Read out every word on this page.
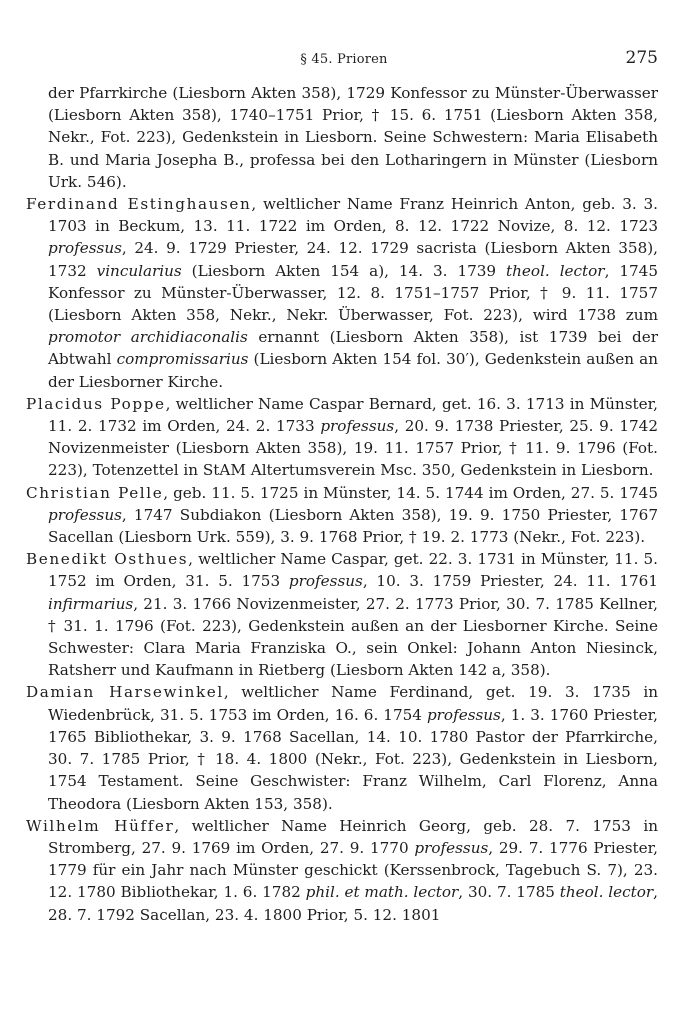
§ 45. Prioren	275

der Pfarrkirche (Liesborn Akten 358), 1729 Konfessor zu Münster-Überwasser (Liesborn Akten 358), 1740–1751 Prior, † 15. 6. 1751 (Liesborn Akten 358, Nekr., Fot. 223), Gedenkstein in Liesborn. Seine Schwestern: Maria Elisabeth B. und Maria Josepha B., professa bei den Lotharingern in Münster (Liesborn Urk. 546).

Ferdinand Estinghausen, weltlicher Name Franz Heinrich Anton, geb. 3. 3. 1703 in Beckum, 13. 11. 1722 im Orden, 8. 12. 1722 Novize, 8. 12. 1723 professus, 24. 9. 1729 Priester, 24. 12. 1729 sacrista (Liesborn Akten 358), 1732 vincularius (Liesborn Akten 154 a), 14. 3. 1739 theol. lector, 1745 Konfessor zu Münster-Überwasser, 12. 8. 1751–1757 Prior, † 9. 11. 1757 (Liesborn Akten 358, Nekr., Nekr. Überwasser, Fot. 223), wird 1738 zum promotor archidiaconalis ernannt (Liesborn Akten 358), ist 1739 bei der Abtwahl compromissarius (Liesborn Akten 154 fol. 30′), Gedenkstein außen an der Liesborner Kirche.

Placidus Poppe, weltlicher Name Caspar Bernard, get. 16. 3. 1713 in Münster, 11. 2. 1732 im Orden, 24. 2. 1733 professus, 20. 9. 1738 Priester, 25. 9. 1742 Novizenmeister (Liesborn Akten 358), 19. 11. 1757 Prior, † 11. 9. 1796 (Fot. 223), Totenzettel in StAM Altertumsverein Msc. 350, Gedenkstein in Liesborn.

Christian Pelle, geb. 11. 5. 1725 in Münster, 14. 5. 1744 im Orden, 27. 5. 1745 professus, 1747 Subdiakon (Liesborn Akten 358), 19. 9. 1750 Priester, 1767 Sacellan (Liesborn Urk. 559), 3. 9. 1768 Prior, † 19. 2. 1773 (Nekr., Fot. 223).

Benedikt Osthues, weltlicher Name Caspar, get. 22. 3. 1731 in Münster, 11. 5. 1752 im Orden, 31. 5. 1753 professus, 10. 3. 1759 Priester, 24. 11. 1761 infirmarius, 21. 3. 1766 Novizenmeister, 27. 2. 1773 Prior, 30. 7. 1785 Kellner, † 31. 1. 1796 (Fot. 223), Gedenkstein außen an der Liesborner Kirche. Seine Schwester: Clara Maria Franziska O., sein Onkel: Johann Anton Niesinck, Ratsherr und Kaufmann in Rietberg (Liesborn Akten 142 a, 358).

Damian Harsewinkel, weltlicher Name Ferdinand, get. 19. 3. 1735 in Wiedenbrück, 31. 5. 1753 im Orden, 16. 6. 1754 professus, 1. 3. 1760 Priester, 1765 Bibliothekar, 3. 9. 1768 Sacellan, 14. 10. 1780 Pastor der Pfarrkirche, 30. 7. 1785 Prior, † 18. 4. 1800 (Nekr., Fot. 223), Gedenkstein in Liesborn, 1754 Testament. Seine Geschwister: Franz Wilhelm, Carl Florenz, Anna Theodora (Liesborn Akten 153, 358).

Wilhelm Hüffer, weltlicher Name Heinrich Georg, geb. 28. 7. 1753 in Stromberg, 27. 9. 1769 im Orden, 27. 9. 1770 professus, 29. 7. 1776 Priester, 1779 für ein Jahr nach Münster geschickt (Kerssenbrock, Tagebuch S. 7), 23. 12. 1780 Bibliothekar, 1. 6. 1782 phil. et math. lector, 30. 7. 1785 theol. lector, 28. 7. 1792 Sacellan, 23. 4. 1800 Prior, 5. 12. 1801
